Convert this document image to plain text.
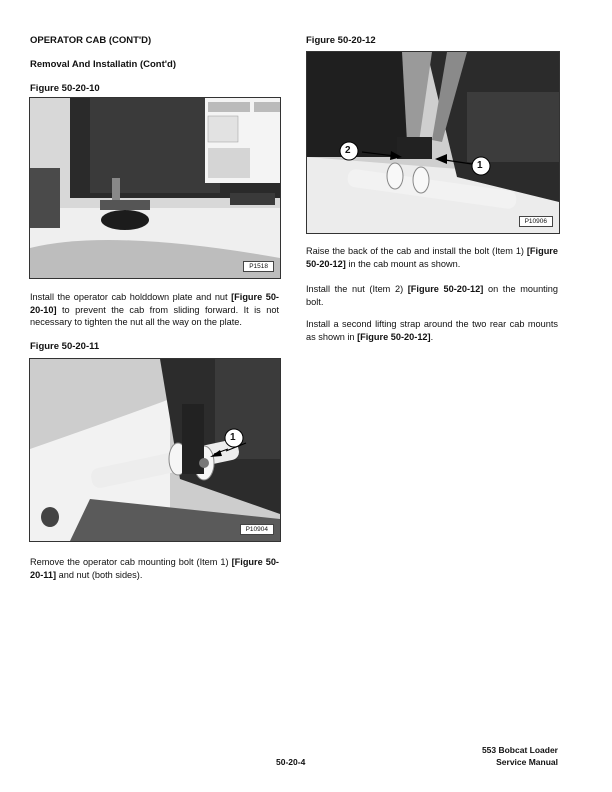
OPERATOR CAB (CONT'D)
Removal And Installatin (Cont'd)
Figure 50-20-10
P1518
Install the operator cab holddown plate and nut [Figure 50-20-10] to prevent the cab from sliding forward. It is not necessary to tighten the nut all the way on the plate.
Figure 50-20-11
1
P10904
Remove the operator cab mounting bolt (Item 1) [Figure 50-20-11] and nut (both sides).
Figure 50-20-12
2
1
P10906
Raise the back of the cab and install the bolt (Item 1) [Figure 50-20-12] in the cab mount as shown.
Install the nut (Item 2) [Figure 50-20-12] on the mounting bolt.
Install a second lifting strap around the two rear cab mounts as shown in [Figure 50-20-12].
50-20-4
553 Bobcat Loader
Service Manual
